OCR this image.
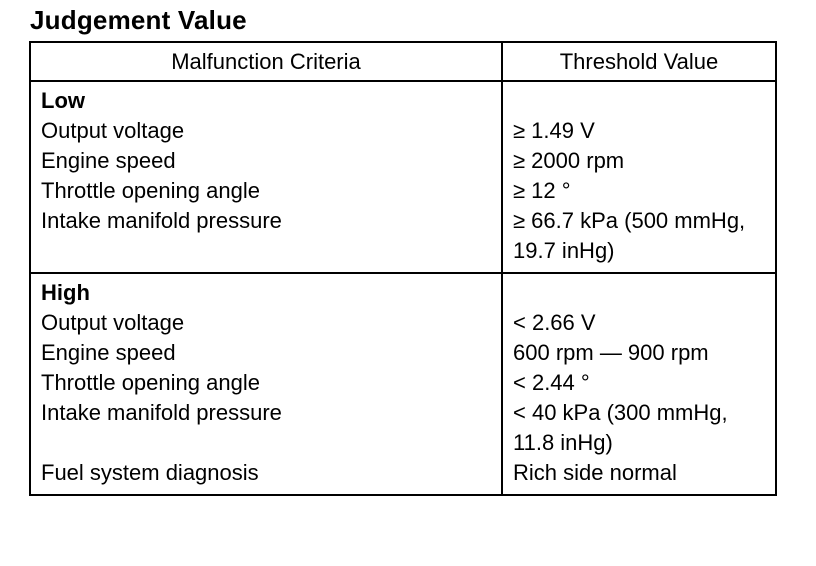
Judgement Value
Malfunction Criteria	Threshold Value
Low	
Output voltage	≥ 1.49 V
Engine speed	≥ 2000 rpm
Throttle opening angle	≥ 12 °
Intake manifold pressure	≥ 66.7 kPa (500 mmHg, 19.7 inHg)
High	
Output voltage	< 2.66 V
Engine speed	600 rpm — 900 rpm
Throttle opening angle	< 2.44 °
Intake manifold pressure	< 40 kPa (300 mmHg, 11.8 inHg)
Fuel system diagnosis	Rich side normal
